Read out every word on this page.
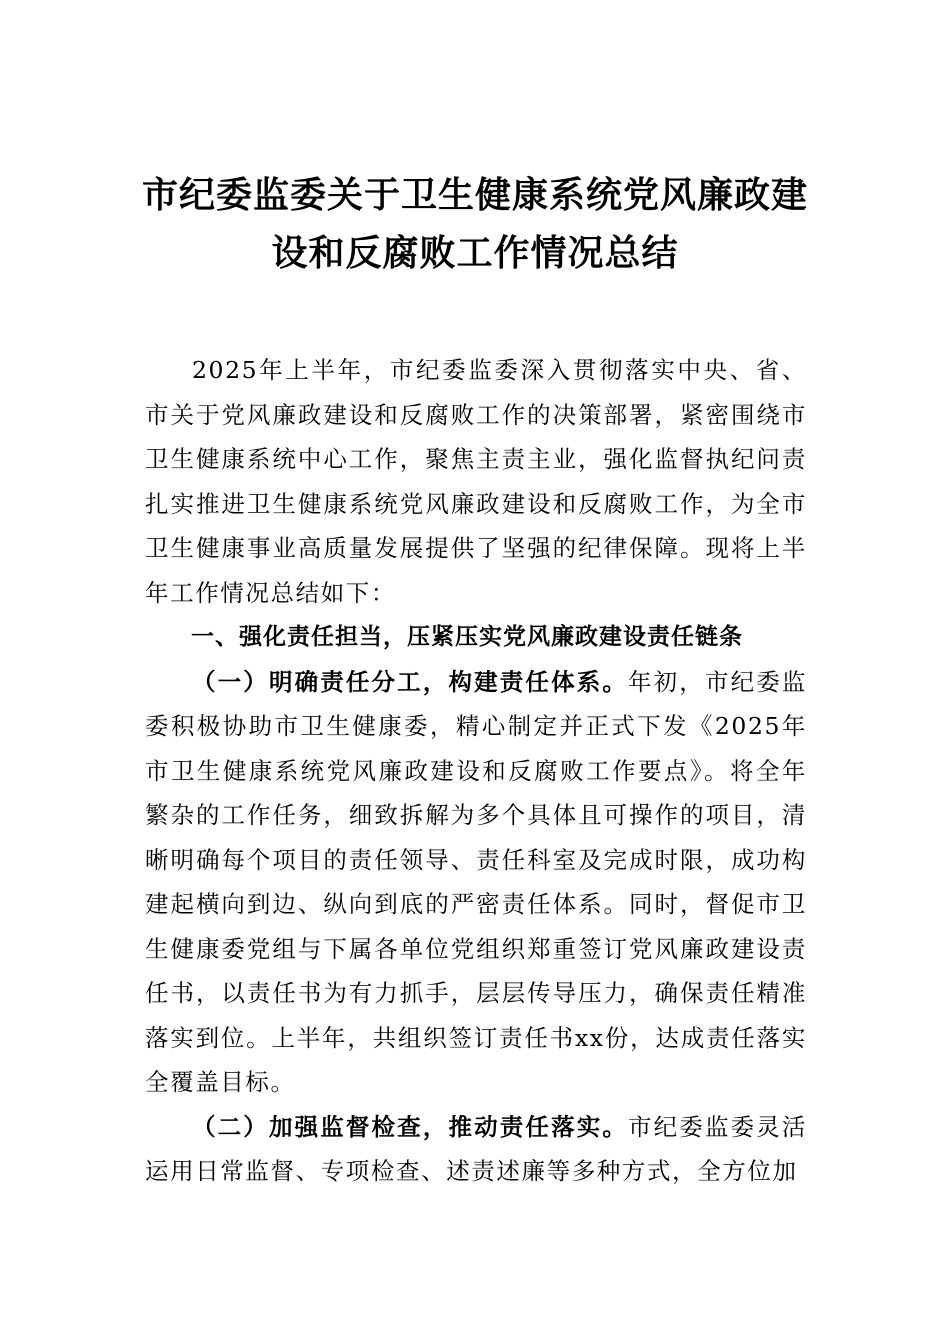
市纪委监委关于卫生健康系统党风廉政建
设和反腐败工作情况总结

2025年上半年，市纪委监委深入贯彻落实中央、省、市关于党风廉政建设和反腐败工作的决策部署，紧密围绕市卫生健康系统中心工作，聚焦主责主业，强化监督执纪问责扎实推进卫生健康系统党风廉政建设和反腐败工作，为全市卫生健康事业高质量发展提供了坚强的纪律保障。现将上半年工作情况总结如下：

一、强化责任担当，压紧压实党风廉政建设责任链条

（一）明确责任分工，构建责任体系。年初，市纪委监委积极协助市卫生健康委，精心制定并正式下发《2025年市卫生健康系统党风廉政建设和反腐败工作要点》。将全年繁杂的工作任务，细致拆解为多个具体且可操作的项目，清晰明确每个项目的责任领导、责任科室及完成时限，成功构建起横向到边、纵向到底的严密责任体系。同时，督促市卫生健康委党组与下属各单位党组织郑重签订党风廉政建设责任书，以责任书为有力抓手，层层传导压力，确保责任精准落实到位。上半年，共组织签订责任书xx份，达成责任落实全覆盖目标。

（二）加强监督检查，推动责任落实。市纪委监委灵活运用日常监督、专项检查、述责述廉等多种方式，全方位加
